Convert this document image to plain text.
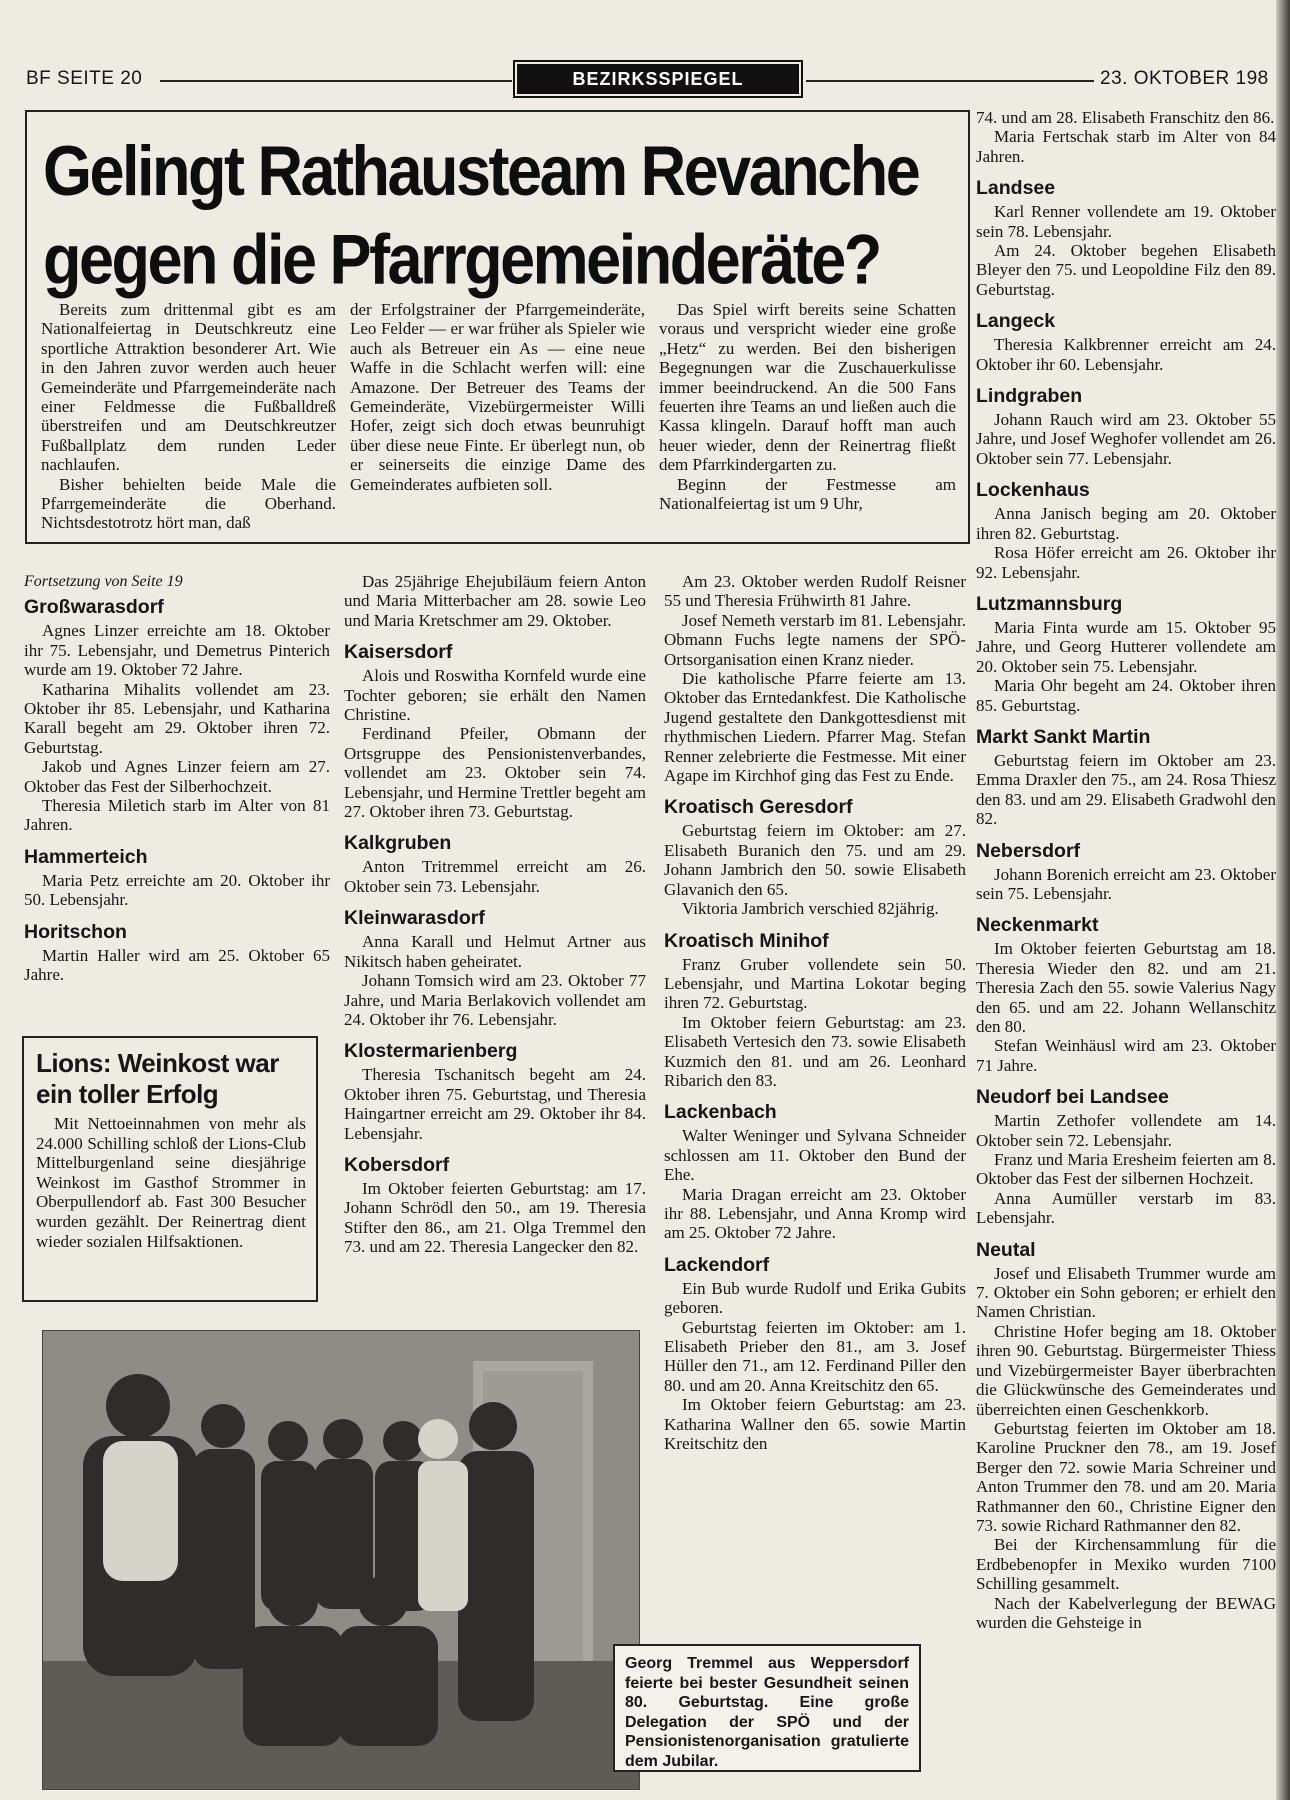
BF SEITE 20	BEZIRKSSPIEGEL	23. OKTOBER 198
Gelingt Rathausteam Revanche
gegen die Pfarrgemeinderäte?

Bereits zum drittenmal gibt es am Nationalfeiertag in Deutschkreutz eine sportliche Attraktion besonderer Art. Wie in den Jahren zuvor werden auch heuer Gemeinderäte und Pfarrgemeinderäte nach einer Feldmesse die Fußballdreß überstreifen und am Deutschkreutzer Fußballplatz dem runden Leder nachlaufen.

Bisher behielten beide Male die Pfarrgemeinderäte die Oberhand. Nichtsdestotrotz hört man, daß

der Erfolgstrainer der Pfarrgemeinderäte, Leo Felder — er war früher als Spieler wie auch als Betreuer ein As — eine neue Waffe in die Schlacht werfen will: eine Amazone. Der Betreuer des Teams der Gemeinderäte, Vizebürgermeister Willi Hofer, zeigt sich doch etwas beunruhigt über diese neue Finte. Er überlegt nun, ob er seinerseits die einzige Dame des Gemeinderates aufbieten soll.

Das Spiel wirft bereits seine Schatten voraus und verspricht wieder eine große „Hetz“ zu werden. Bei den bisherigen Begegnungen war die Zuschauerkulisse immer beeindruckend. An die 500 Fans feuerten ihre Teams an und ließen auch die Kassa klingeln. Darauf hofft man auch heuer wieder, denn der Reinertrag fließt dem Pfarrkindergarten zu.

Beginn der Festmesse am Nationalfeiertag ist um 9 Uhr,

Fortsetzung von Seite 19

Großwarasdorf

Agnes Linzer erreichte am 18. Oktober ihr 75. Lebensjahr, und Demetrus Pinterich wurde am 19. Oktober 72 Jahre.

Katharina Mihalits vollendet am 23. Oktober ihr 85. Lebensjahr, und Katharina Karall begeht am 29. Oktober ihren 72. Geburtstag.

Jakob und Agnes Linzer feiern am 27. Oktober das Fest der Silberhochzeit.

Theresia Miletich starb im Alter von 81 Jahren.

Hammerteich

Maria Petz erreichte am 20. Oktober ihr 50. Lebensjahr.

Horitschon

Martin Haller wird am 25. Oktober 65 Jahre.

Lions: Weinkost war ein toller Erfolg

Mit Nettoeinnahmen von mehr als 24.000 Schilling schloß der Lions-Club Mittelburgenland seine diesjährige Weinkost im Gasthof Strommer in Oberpullendorf ab. Fast 300 Besucher wurden gezählt. Der Reinertrag dient wieder sozialen Hilfsaktionen.

Das 25jährige Ehejubiläum feiern Anton und Maria Mitterbacher am 28. sowie Leo und Maria Kretschmer am 29. Oktober.

Kaisersdorf

Alois und Roswitha Kornfeld wurde eine Tochter geboren; sie erhält den Namen Christine.

Ferdinand Pfeiler, Obmann der Ortsgruppe des Pensionistenverbandes, vollendet am 23. Oktober sein 74. Lebensjahr, und Hermine Trettler begeht am 27. Oktober ihren 73. Geburtstag.

Kalkgruben

Anton Tritremmel erreicht am 26. Oktober sein 73. Lebensjahr.

Kleinwarasdorf

Anna Karall und Helmut Artner aus Nikitsch haben geheiratet.

Johann Tomsich wird am 23. Oktober 77 Jahre, und Maria Berlakovich vollendet am 24. Oktober ihr 76. Lebensjahr.

Klostermarienberg

Theresia Tschanitsch begeht am 24. Oktober ihren 75. Geburtstag, und Theresia Haingartner erreicht am 29. Oktober ihr 84. Lebensjahr.

Kobersdorf

Im Oktober feierten Geburtstag: am 17. Johann Schrödl den 50., am 19. Theresia Stifter den 86., am 21. Olga Tremmel den 73. und am 22. Theresia Langecker den 82.

Am 23. Oktober werden Rudolf Reisner 55 und Theresia Frühwirth 81 Jahre.

Josef Nemeth verstarb im 81. Lebensjahr. Obmann Fuchs legte namens der SPÖ-Ortsorganisation einen Kranz nieder.

Die katholische Pfarre feierte am 13. Oktober das Erntedankfest. Die Katholische Jugend gestaltete den Dankgottesdienst mit rhythmischen Liedern. Pfarrer Mag. Stefan Renner zelebrierte die Festmesse. Mit einer Agape im Kirchhof ging das Fest zu Ende.

Kroatisch Geresdorf

Geburtstag feiern im Oktober: am 27. Elisabeth Buranich den 75. und am 29. Johann Jambrich den 50. sowie Elisabeth Glavanich den 65.

Viktoria Jambrich verschied 82jährig.

Kroatisch Minihof

Franz Gruber vollendete sein 50. Lebensjahr, und Martina Lokotar beging ihren 72. Geburtstag.

Im Oktober feiern Geburtstag: am 23. Elisabeth Vertesich den 73. sowie Elisabeth Kuzmich den 81. und am 26. Leonhard Ribarich den 83.

Lackenbach

Walter Weninger und Sylvana Schneider schlossen am 11. Oktober den Bund der Ehe.

Maria Dragan erreicht am 23. Oktober ihr 88. Lebensjahr, und Anna Kromp wird am 25. Oktober 72 Jahre.

Lackendorf

Ein Bub wurde Rudolf und Erika Gubits geboren.

Geburtstag feierten im Oktober: am 1. Elisabeth Prieber den 81., am 3. Josef Hüller den 71., am 12. Ferdinand Piller den 80. und am 20. Anna Kreitschitz den 65.

Im Oktober feiern Geburtstag: am 23. Katharina Wallner den 65. sowie Martin Kreitschitz den

Georg Tremmel aus Weppersdorf feierte bei bester Gesundheit seinen 80. Geburtstag. Eine große Delegation der SPÖ und der Pensionistenorganisation gratulierte dem Jubilar.

74. und am 28. Elisabeth Franschitz den 86.

Maria Fertschak starb im Alter von 84 Jahren.

Landsee

Karl Renner vollendete am 19. Oktober sein 78. Lebensjahr.

Am 24. Oktober begehen Elisabeth Bleyer den 75. und Leopoldine Filz den 89. Geburtstag.

Langeck

Theresia Kalkbrenner erreicht am 24. Oktober ihr 60. Lebensjahr.

Lindgraben

Johann Rauch wird am 23. Oktober 55 Jahre, und Josef Weghofer vollendet am 26. Oktober sein 77. Lebensjahr.

Lockenhaus

Anna Janisch beging am 20. Oktober ihren 82. Geburtstag.

Rosa Höfer erreicht am 26. Oktober ihr 92. Lebensjahr.

Lutzmannsburg

Maria Finta wurde am 15. Oktober 95 Jahre, und Georg Hutterer vollendete am 20. Oktober sein 75. Lebensjahr.

Maria Ohr begeht am 24. Oktober ihren 85. Geburtstag.

Markt Sankt Martin

Geburtstag feiern im Oktober am 23. Emma Draxler den 75., am 24. Rosa Thiesz den 83. und am 29. Elisabeth Gradwohl den 82.

Nebersdorf

Johann Borenich erreicht am 23. Oktober sein 75. Lebensjahr.

Neckenmarkt

Im Oktober feierten Geburtstag am 18. Theresia Wieder den 82. und am 21. Theresia Zach den 55. sowie Valerius Nagy den 65. und am 22. Johann Wellanschitz den 80.

Stefan Weinhäusl wird am 23. Oktober 71 Jahre.

Neudorf bei Landsee

Martin Zethofer vollendete am 14. Oktober sein 72. Lebensjahr.

Franz und Maria Eresheim feierten am 8. Oktober das Fest der silbernen Hochzeit.

Anna Aumüller verstarb im 83. Lebensjahr.

Neutal

Josef und Elisabeth Trummer wurde am 7. Oktober ein Sohn geboren; er erhielt den Namen Christian.

Christine Hofer beging am 18. Oktober ihren 90. Geburtstag. Bürgermeister Thiess und Vizebürgermeister Bayer überbrachten die Glückwünsche des Gemeinderates und überreichten einen Geschenkkorb.

Geburtstag feierten im Oktober am 18. Karoline Pruckner den 78., am 19. Josef Berger den 72. sowie Maria Schreiner und Anton Trummer den 78. und am 20. Maria Rathmanner den 60., Christine Eigner den 73. sowie Richard Rathmanner den 82.

Bei der Kirchensammlung für die Erdbebenopfer in Mexiko wurden 7100 Schilling gesammelt.

Nach der Kabelverlegung der BEWAG wurden die Gehsteige in
